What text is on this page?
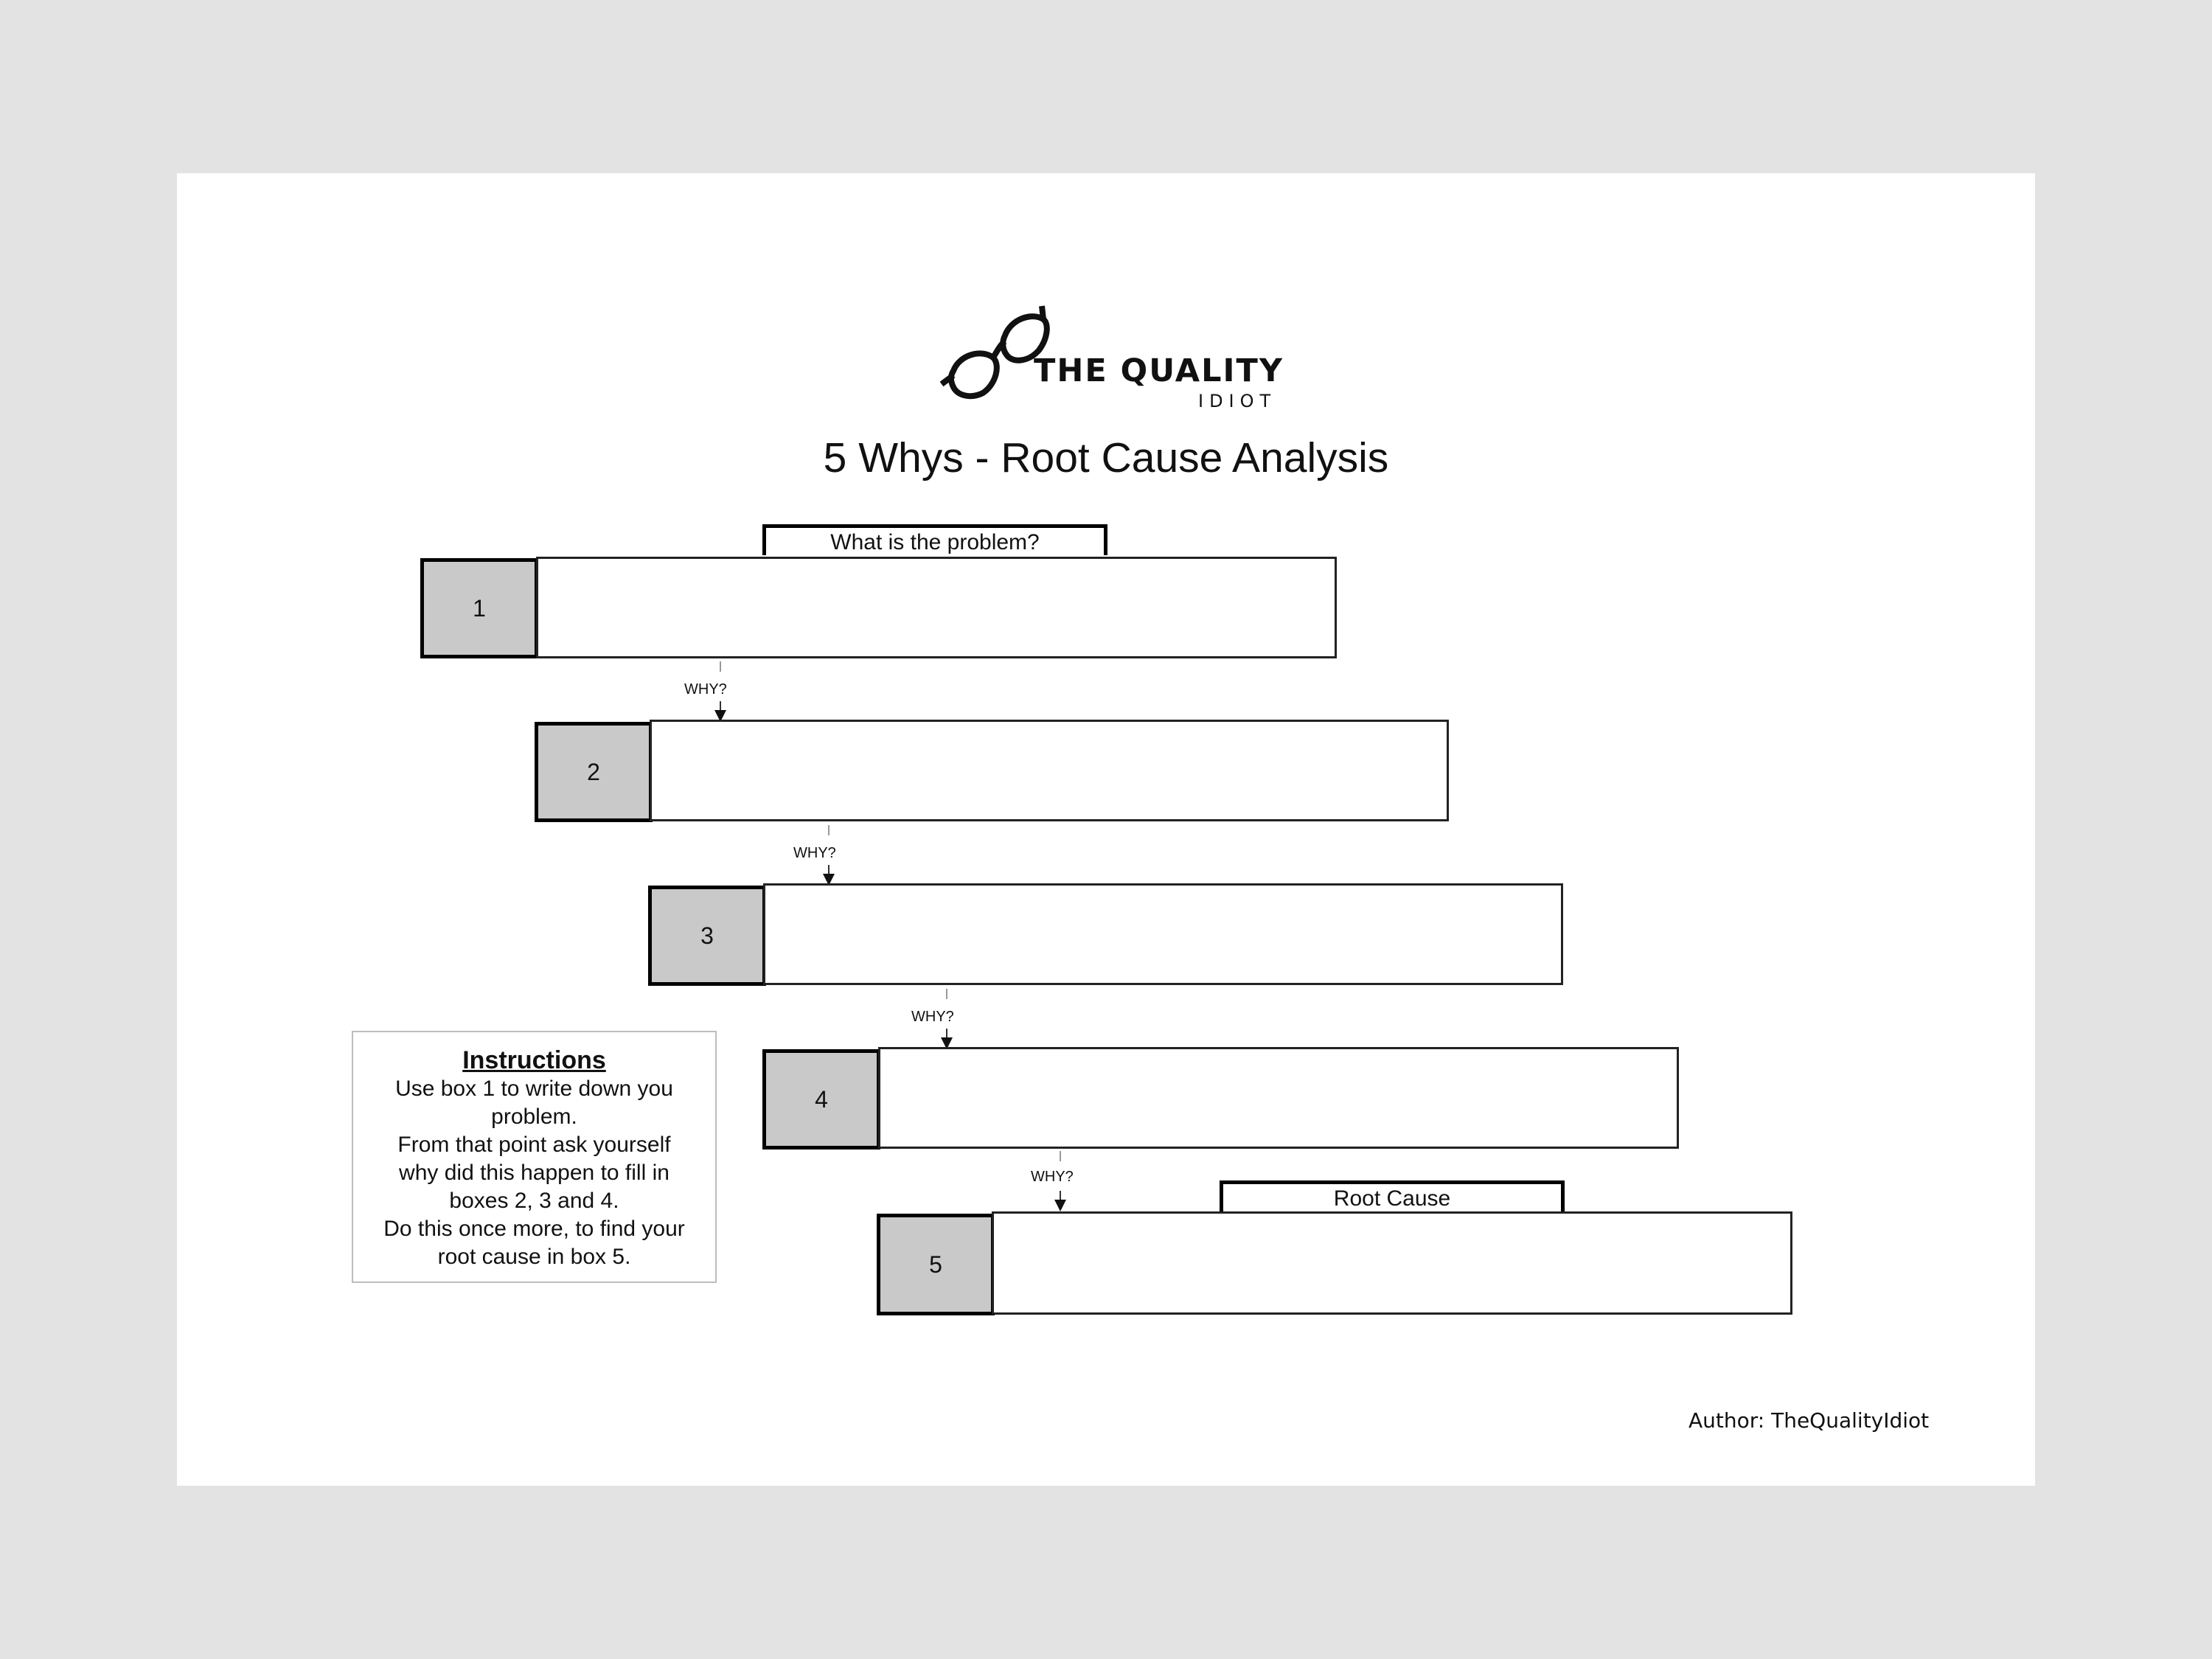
THE QUALITY
IDIOT
5 Whys - Root Cause Analysis
What is the problem?
Root Cause
1
WHY?
2
WHY?
3
WHY?
4
WHY?
5
Instructions
Use box 1 to write down you
problem.
From that point ask yourself
why did this happen to fill in
boxes 2, 3 and 4.
Do this once more, to find your
root cause in box 5.
Author: TheQualityIdiot
